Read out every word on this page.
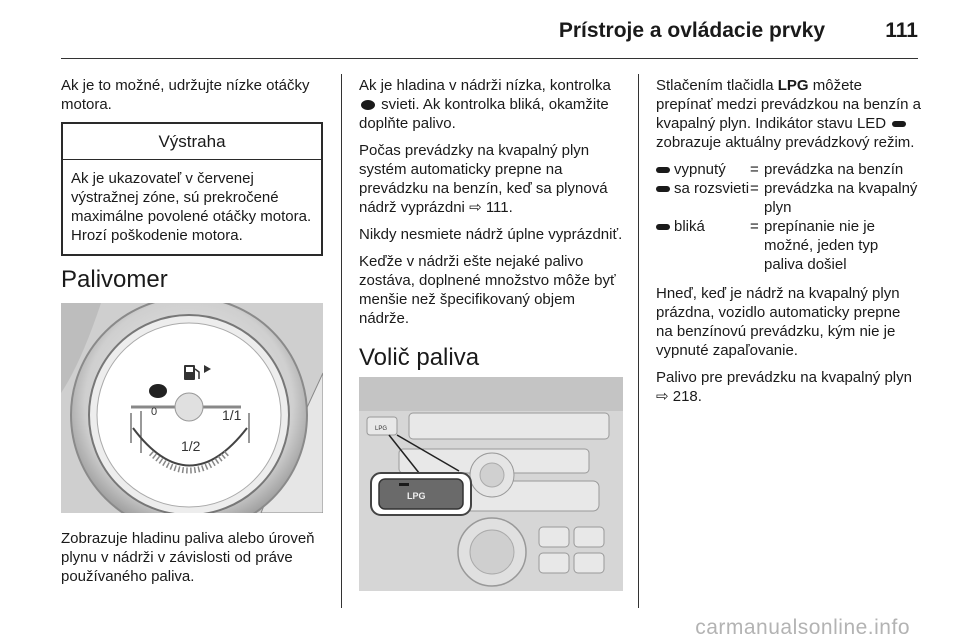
Prístroje a ovládacie prvky	111

Ak je to možné, udržujte nízke otáčky motora.

Výstraha
Ak je ukazovateľ v červenej výstražnej zóne, sú prekročené maximálne povolené otáčky motora. Hrozí poškodenie motora.
Palivomer
0	1/1
1/2

Zobrazuje hladinu paliva alebo úroveň plynu v nádrži v závislosti od práve používaného paliva.

Ak je hladina v nádrži nízka, kontrolka  svieti. Ak kontrolka bliká, okamžite doplňte palivo.

Počas prevádzky na kvapalný plyn systém automaticky prepne na prevádzku na benzín, keď sa plynová nádrž vyprázdni ⇨ 111.

Nikdy nesmiete nádrž úplne vyprázdniť.

Keďže v nádrži ešte nejaké palivo zostáva, doplnené množstvo môže byť menšie než špecifikovaný objem nádrže.

Volič paliva
LPG
LPG

Stlačením tlačidla LPG môžete prepínať medzi prevádzkou na benzín a kvapalný plyn. Indikátor stavu LED  zobrazuje aktuálny prevádzkový režim.

vypnutý	=	prevádzka na benzín
sa rozsvieti	=	prevádzka na kvapalný plyn
bliká	=	prepínanie nie je možné, jeden typ paliva došiel

Hneď, keď je nádrž na kvapalný plyn prázdna, vozidlo automaticky prepne na benzínovú prevádzku, kým nie je vypnuté zapaľovanie.

Palivo pre prevádzku na kvapalný plyn ⇨ 218.

carmanualsonline.info
